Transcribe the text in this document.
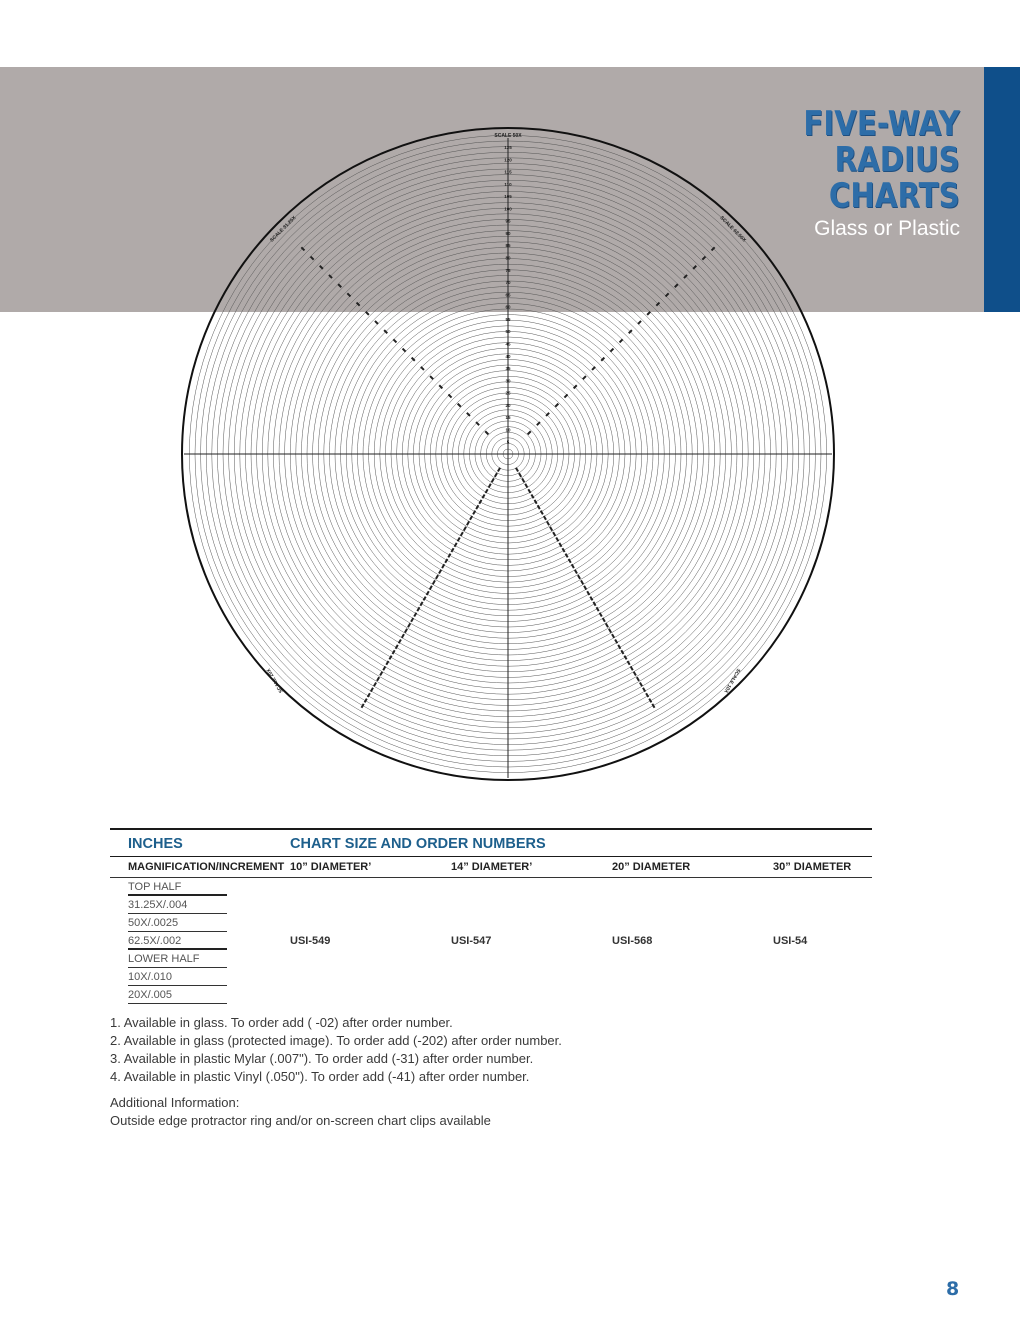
FIVE-WAY
RADIUS
CHARTS
Glass or Plastic
125
120
115
110
105
100
95
90
85
80
75
70
65
60
55
50
45
40
35
30
25
20
15
10
5
SCALE 50X
SCALE 31.25X	SCALE 62.50X
SCALE 20X	SCALE 10X
INCHES	CHART SIZE AND ORDER NUMBERS
MAGNIFICATION/INCREMENT 10” DIAMETER’	14” DIAMETER’	20” DIAMETER	30” DIAMETER
TOP HALF
31.25X/.004
50X/.0025
62.5X/.002
LOWER HALF
10X/.010
20X/.005
USI-549	USI-547	USI-568	USI-54
1. Available in glass. To order add ( -02) after order number.
2. Available in glass (protected image). To order add (-202) after order number.
3. Available in plastic Mylar (.007"). To order add (-31) after order number.
4. Available in plastic Vinyl (.050"). To order add (-41) after order number.
Additional Information:
Outside edge protractor ring and/or on-screen chart clips available
8
